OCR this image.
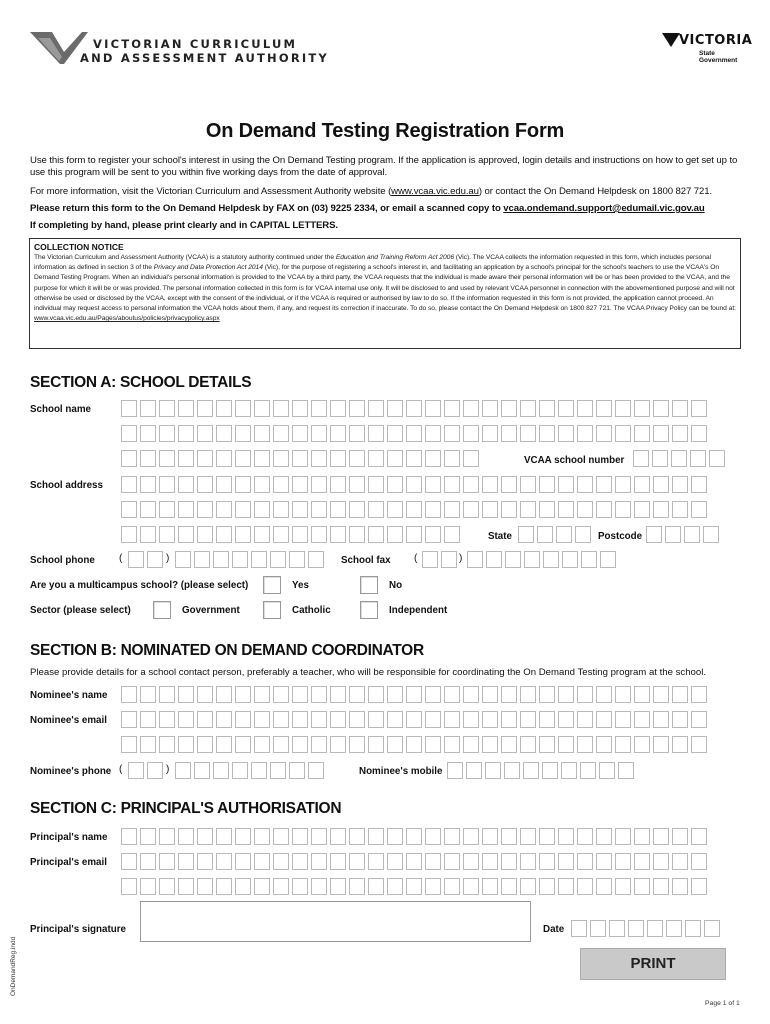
VICTORIAN CURRICULUM
AND ASSESSMENT AUTHORITY
VICTORIA
State
Government
On Demand Testing Registration Form
Use this form to register your school's interest in using the On Demand Testing program. If the application is approved, login details and instructions on how to get set up to use this program will be sent to you within five working days from the date of approval.
For more information, visit the Victorian Curriculum and Assessment Authority website (www.vcaa.vic.edu.au) or contact the On Demand Helpdesk on 1800 827 721.
Please return this form to the On Demand Helpdesk by FAX on (03) 9225 2334, or email a scanned copy to vcaa.ondemand.support@edumail.vic.gov.au
If completing by hand, please print clearly and in CAPITAL LETTERS.
COLLECTION NOTICE
The Victorian Curriculum and Assessment Authority (VCAA) is a statutory authority continued under the Education and Training Reform Act 2006 (Vic). The VCAA collects the information requested in this form, which includes personal information as defined in section 3 of the Privacy and Data Protection Act 2014 (Vic), for the purpose of registering a school's interest in, and facilitating an application by a school's principal for the school's teachers to use the VCAA's On Demand Testing Program. When an individual's personal information is provided to the VCAA by a third party, the VCAA requests that the individual is made aware their personal information will be or has been provided to the VCAA, and the purpose for which it will be or was provided. The personal information collected in this form is for VCAA internal use only. It will be disclosed to and used by relevant VCAA personnel in connection with the abovementioned purpose and will not otherwise be used or disclosed by the VCAA, except with the consent of the individual, or if the VCAA is required or authorised by law to do so. If the information requested in this form is not provided, the application cannot proceed. An individual may request access to personal information the VCAA holds about them, if any, and request its correction if inaccurate. To do so, please contact the On Demand Helpdesk on 1800 827 721. The VCAA Privacy Policy can be found at:
www.vcaa.vic.edu.au/Pages/aboutus/policies/privacypolicy.aspx
SECTION A: SCHOOL DETAILS
School name
VCAA school number
School address
State	Postcode
School phone (	)	School fax (	)
Are you a multicampus school? (please select)	Yes	No
Sector (please select)	Government	Catholic	Independent
SECTION B: NOMINATED ON DEMAND COORDINATOR
Please provide details for a school contact person, preferably a teacher, who will be responsible for coordinating the On Demand Testing program at the school.
Nominee's name
Nominee's email
Nominee's phone (	)	Nominee's mobile
SECTION C: PRINCIPAL'S AUTHORISATION
Principal's name
Principal's email
Principal's signature	Date
PRINT
OnDemandReg.indd
Page 1 of 1
